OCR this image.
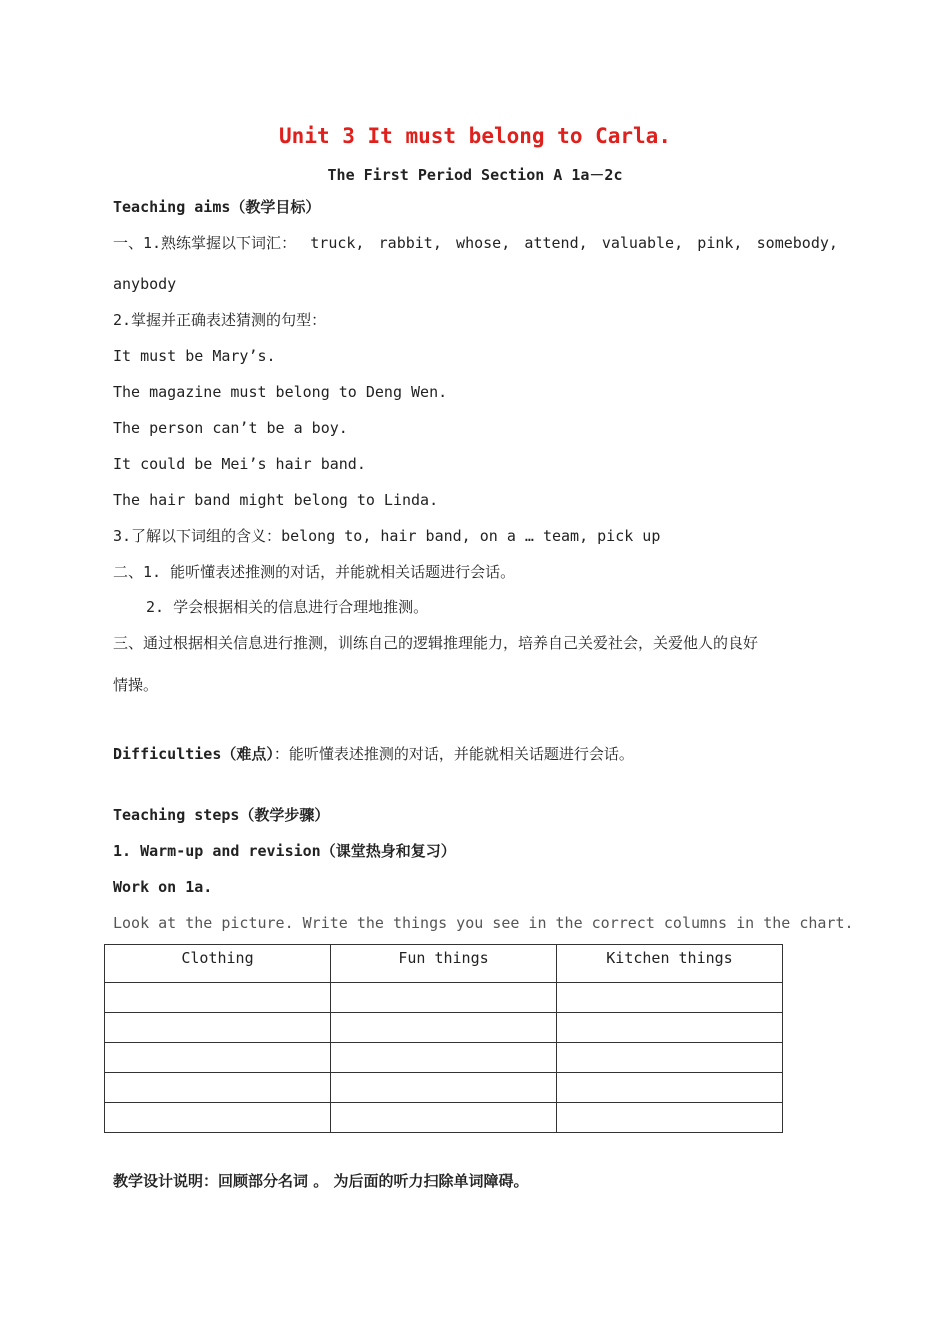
Unit 3 It must belong to Carla.
The First Period Section A 1a－2c
Teaching aims（教学目标）
一、1.熟练掌握以下词汇： truck, rabbit, whose, attend, valuable, pink, somebody,
anybody
2.掌握并正确表述猜测的句型：
It must be Mary’s.
The magazine must belong to Deng Wen.
The person can’t be a boy.
It could be Mei’s hair band.
The hair band might belong to Linda.
3.了解以下词组的含义：belong to, hair band, on a … team, pick up
二、1. 能听懂表述推测的对话，并能就相关话题进行会话。
2. 学会根据相关的信息进行合理地推测。
三、通过根据相关信息进行推测，训练自己的逻辑推理能力，培养自己关爱社会，关爱他人的良好
情操。
Difficulties（难点）：能听懂表述推测的对话，并能就相关话题进行会话。
Teaching steps（教学步骤）
1. Warm-up and revision（课堂热身和复习）
Work on 1a.
Look at the picture. Write the things you see in the correct columns in the chart.
Clothing	Fun things	Kitchen things

教学设计说明：回顾部分名词 。 为后面的听力扫除单词障碍。
